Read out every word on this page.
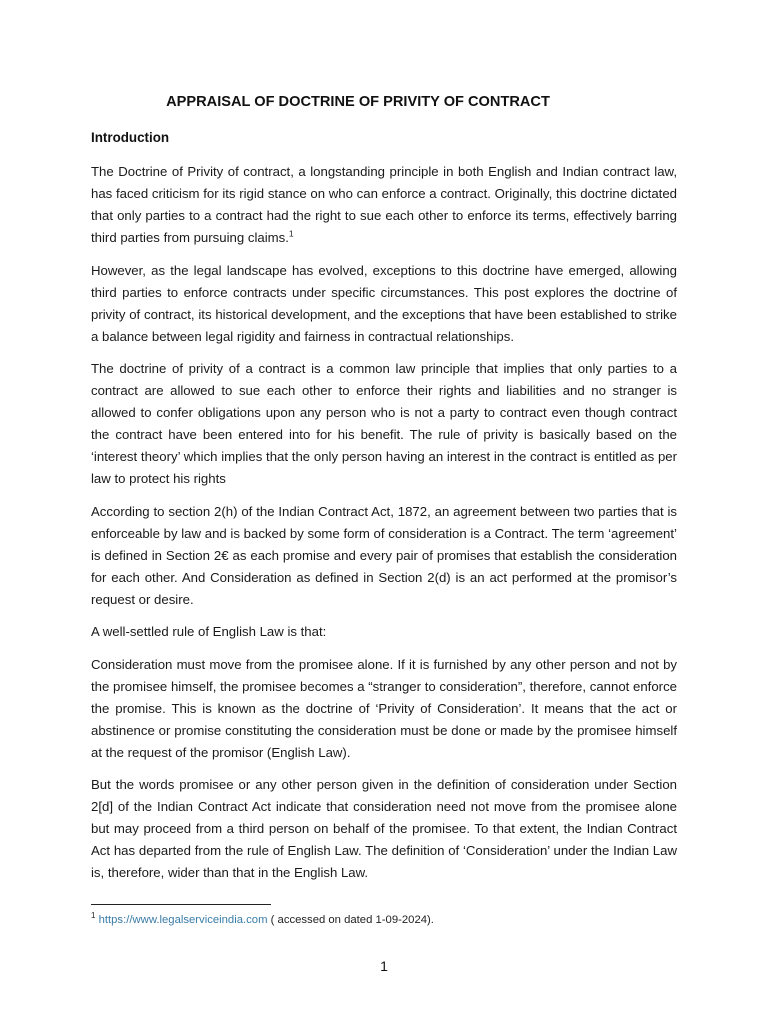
APPRAISAL OF DOCTRINE OF PRIVITY OF CONTRACT
Introduction

The Doctrine of Privity of contract, a longstanding principle in both English and Indian contract law, has faced criticism for its rigid stance on who can enforce a contract. Originally, this doctrine dictated that only parties to a contract had the right to sue each other to enforce its terms, effectively barring third parties from pursuing claims.$^1$

However, as the legal landscape has evolved, exceptions to this doctrine have emerged, allowing third parties to enforce contracts under specific circumstances. This post explores the doctrine of privity of contract, its historical development, and the exceptions that have been established to strike a balance between legal rigidity and fairness in contractual relationships.

The doctrine of privity of a contract is a common law principle that implies that only parties to a contract are allowed to sue each other to enforce their rights and liabilities and no stranger is allowed to confer obligations upon any person who is not a party to contract even though contract the contract have been entered into for his benefit. The rule of privity is basically based on the ‘interest theory’ which implies that the only person having an interest in the contract is entitled as per law to protect his rights

According to section 2(h) of the Indian Contract Act, 1872, an agreement between two parties that is enforceable by law and is backed by some form of consideration is a Contract. The term ‘agreement’ is defined in Section 2€ as each promise and every pair of promises that establish the consideration for each other. And Consideration as defined in Section 2(d) is an act performed at the promisor’s request or desire.

A well-settled rule of English Law is that:

Consideration must move from the promisee alone. If it is furnished by any other person and not by the promisee himself, the promisee becomes a “stranger to consideration”, therefore, cannot enforce the promise. This is known as the doctrine of ‘Privity of Consideration’. It means that the act or abstinence or promise constituting the consideration must be done or made by the promisee himself at the request of the promisor (English Law).

But the words promisee or any other person given in the definition of consideration under Section 2[d] of the Indian Contract Act indicate that consideration need not move from the promisee alone but may proceed from a third person on behalf of the promisee. To that extent, the Indian Contract Act has departed from the rule of English Law. The definition of ‘Consideration’ under the Indian Law is, therefore, wider than that in the English Law.

$^1$ https://www.legalserviceindia.com ( accessed on dated 1-09-2024).
1
